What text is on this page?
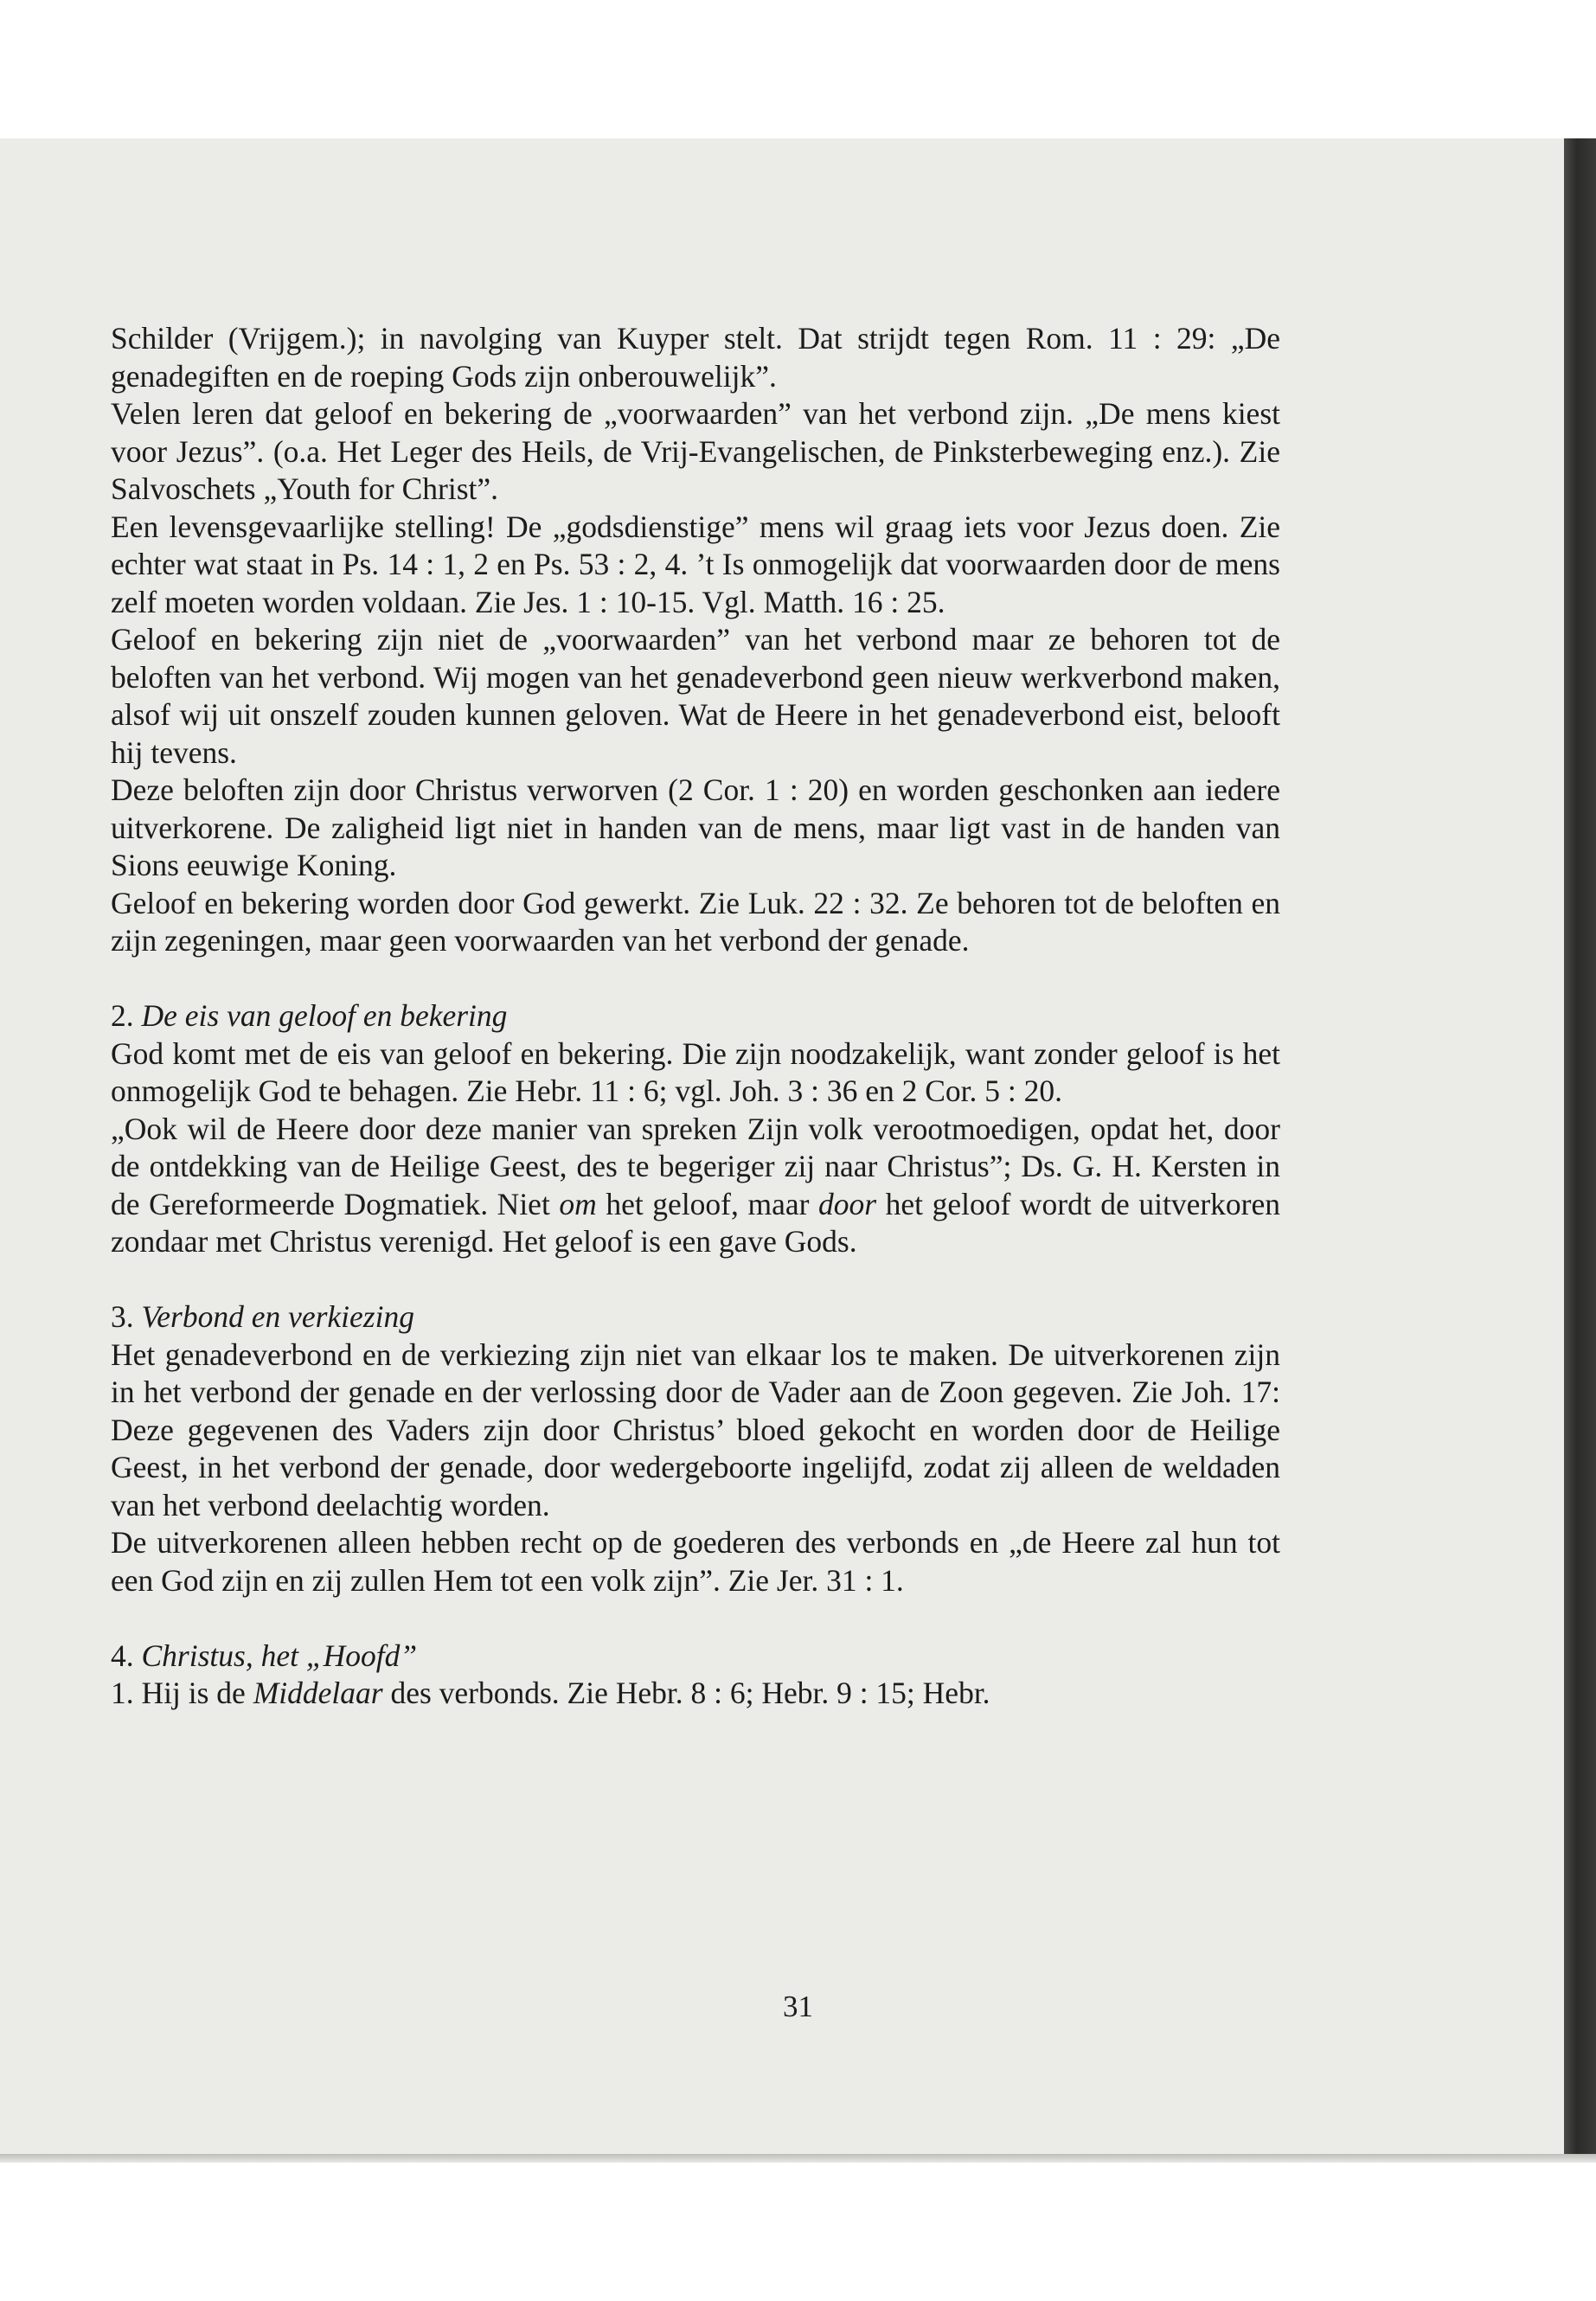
Schilder (Vrijgem.); in navolging van Kuyper stelt. Dat strijdt tegen Rom. 11 : 29: „De genadegiften en de roeping Gods zijn onberouwelijk”.

Velen leren dat geloof en bekering de „voorwaarden” van het verbond zijn. „De mens kiest voor Jezus”. (o.a. Het Leger des Heils, de Vrij-Evangelischen, de Pinksterbeweging enz.). Zie Salvoschets „Youth for Christ”.

Een levensgevaarlijke stelling! De „godsdienstige” mens wil graag iets voor Jezus doen. Zie echter wat staat in Ps. 14 : 1, 2 en Ps. 53 : 2, 4. ’t Is onmogelijk dat voorwaarden door de mens zelf moeten worden voldaan. Zie Jes. 1 : 10-15. Vgl. Matth. 16 : 25.

Geloof en bekering zijn niet de „voorwaarden” van het verbond maar ze behoren tot de beloften van het verbond. Wij mogen van het genadeverbond geen nieuw werkverbond maken, alsof wij uit onszelf zouden kunnen geloven. Wat de Heere in het genadeverbond eist, belooft hij tevens.

Deze beloften zijn door Christus verworven (2 Cor. 1 : 20) en worden geschonken aan iedere uitverkorene. De zaligheid ligt niet in handen van de mens, maar ligt vast in de handen van Sions eeuwige Koning.

Geloof en bekering worden door God gewerkt. Zie Luk. 22 : 32. Ze behoren tot de beloften en zijn zegeningen, maar geen voorwaarden van het verbond der genade.

2. De eis van geloof en bekering

God komt met de eis van geloof en bekering. Die zijn noodzakelijk, want zonder geloof is het onmogelijk God te behagen. Zie Hebr. 11 : 6; vgl. Joh. 3 : 36 en 2 Cor. 5 : 20.

„Ook wil de Heere door deze manier van spreken Zijn volk verootmoedigen, opdat het, door de ontdekking van de Heilige Geest, des te begeriger zij naar Christus”; Ds. G. H. Kersten in de Gereformeerde Dogmatiek. Niet om het geloof, maar door het geloof wordt de uitverkoren zondaar met Christus verenigd. Het geloof is een gave Gods.

3. Verbond en verkiezing

Het genadeverbond en de verkiezing zijn niet van elkaar los te maken. De uitverkorenen zijn in het verbond der genade en der verlossing door de Vader aan de Zoon gegeven. Zie Joh. 17: Deze gegevenen des Vaders zijn door Christus’ bloed gekocht en worden door de Heilige Geest, in het verbond der genade, door wedergeboorte ingelijfd, zodat zij alleen de weldaden van het verbond deelachtig worden.

De uitverkorenen alleen hebben recht op de goederen des verbonds en „de Heere zal hun tot een God zijn en zij zullen Hem tot een volk zijn”. Zie Jer. 31 : 1.

4. Christus, het „Hoofd”

1. Hij is de Middelaar des verbonds. Zie Hebr. 8 : 6; Hebr. 9 : 15; Hebr.

31
